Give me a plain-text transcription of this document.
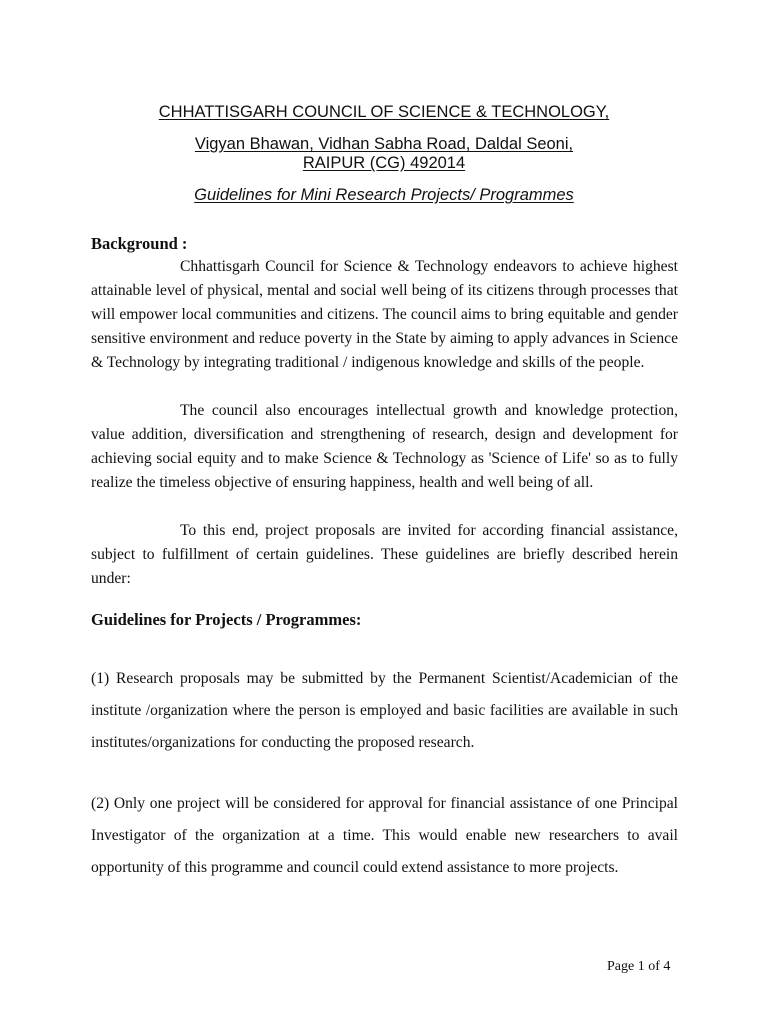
CHHATTISGARH COUNCIL OF SCIENCE & TECHNOLOGY,
Vigyan Bhawan, Vidhan Sabha Road, Daldal Seoni,
RAIPUR (CG) 492014
Guidelines for Mini Research Projects/ Programmes
Background :
Chhattisgarh Council for Science & Technology endeavors to achieve highest attainable level of physical, mental and social well being of its citizens through processes that will empower local communities and citizens. The council aims to bring equitable and gender sensitive environment and reduce poverty in the State by aiming to apply advances in Science & Technology by integrating traditional / indigenous knowledge and skills of the people.
The council also encourages intellectual growth and knowledge protection, value addition, diversification and strengthening of research, design and development for achieving social equity and to make Science & Technology as 'Science of Life' so as to fully realize the timeless objective of ensuring happiness, health and well being of all.
To this end, project proposals are invited for according financial assistance, subject to fulfillment of certain guidelines. These guidelines are briefly described herein under:
Guidelines for Projects / Programmes:
(1) Research proposals may be submitted by the Permanent Scientist/Academician of the institute /organization where the person is employed and basic facilities are available in such institutes/organizations for conducting the proposed research.
(2) Only one project will be considered for approval for financial assistance of one Principal Investigator of the organization at a time. This would enable new researchers to avail opportunity of this programme and council could extend assistance to more projects.
Page 1 of 4
